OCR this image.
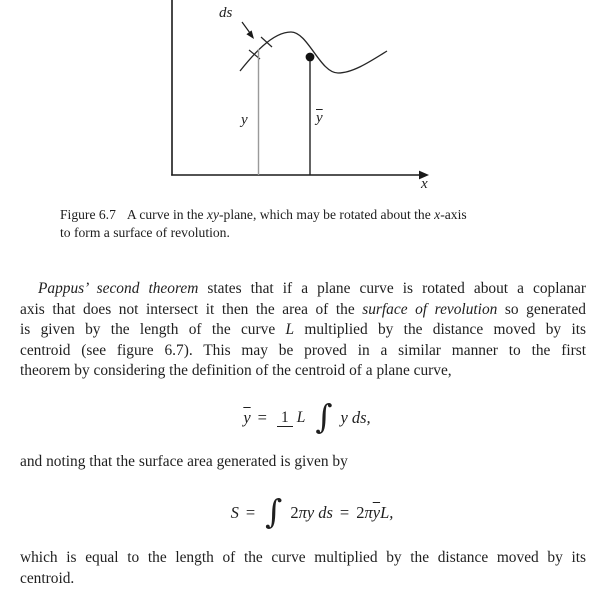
ds
y	$\overline{y}$
x
Figure 6.7 A curve in the xy-plane, which may be rotated about the x-axis
to form a surface of revolution.
Pappus’ second theorem states that if a plane curve is rotated about a coplanar
axis that does not intersect it then the area of the surface of revolution so generated
is given by the length of the curve L multiplied by the distance moved by its
centroid (see figure 6.7). This may be proved in a similar manner to the first
theorem by considering the definition of the centroid of a plane curve,
$\overline{y} = 1$ L ∫ y ds,
and noting that the surface area generated is given by
S = ∫ 2 πy ds = 2 π $\overline{y}$ L,
which is equal to the length of the curve multiplied by the distance moved by its
centroid.
